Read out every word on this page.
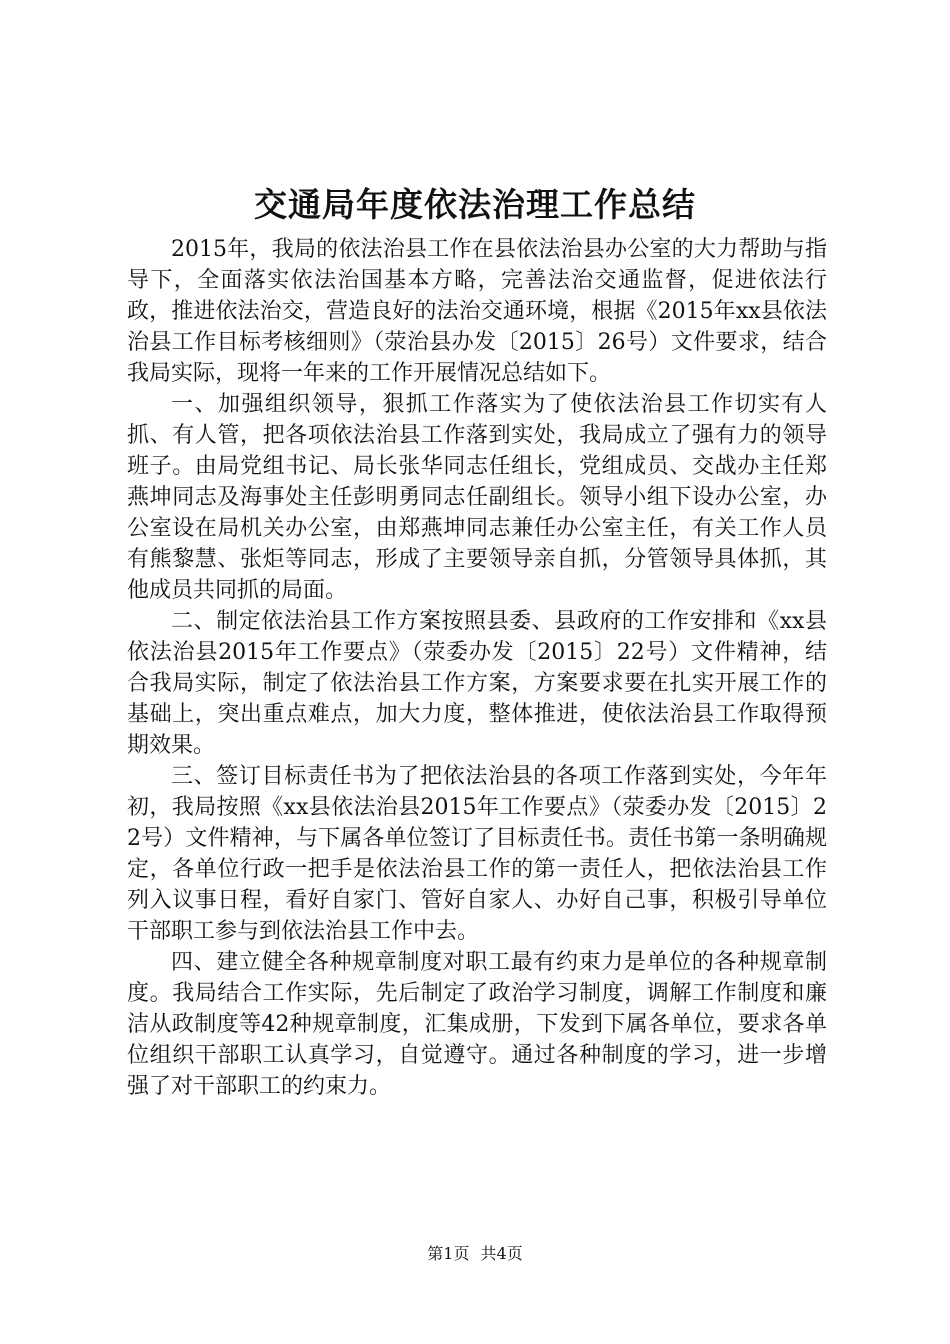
交通局年度依法治理工作总结

2015年，我局的依法治县工作在县依法治县办公室的大力帮助与指导下，全面落实依法治国基本方略，完善法治交通监督，促进依法行政，推进依法治交，营造良好的法治交通环境，根据《2015年xx县依法治县工作目标考核细则》（荥治县办发〔2015〕26号）文件要求，结合我局实际，现将一年来的工作开展情况总结如下。

一、加强组织领导，狠抓工作落实为了使依法治县工作切实有人抓、有人管，把各项依法治县工作落到实处，我局成立了强有力的领导班子。由局党组书记、局长张华同志任组长，党组成员、交战办主任郑燕坤同志及海事处主任彭明勇同志任副组长。领导小组下设办公室，办公室设在局机关办公室，由郑燕坤同志兼任办公室主任，有关工作人员有熊黎慧、张炬等同志，形成了主要领导亲自抓，分管领导具体抓，其他成员共同抓的局面。

二、制定依法治县工作方案按照县委、县政府的工作安排和《xx县依法治县2015年工作要点》（荥委办发〔2015〕22号）文件精神，结合我局实际，制定了依法治县工作方案，方案要求要在扎实开展工作的基础上，突出重点难点，加大力度，整体推进，使依法治县工作取得预期效果。

三、签订目标责任书为了把依法治县的各项工作落到实处，今年年初，我局按照《xx县依法治县2015年工作要点》（荥委办发〔2015〕22号）文件精神，与下属各单位签订了目标责任书。责任书第一条明确规定，各单位行政一把手是依法治县工作的第一责任人，把依法治县工作列入议事日程，看好自家门、管好自家人、办好自己事，积极引导单位干部职工参与到依法治县工作中去。

四、建立健全各种规章制度对职工最有约束力是单位的各种规章制度。我局结合工作实际，先后制定了政治学习制度，调解工作制度和廉洁从政制度等42种规章制度，汇集成册，下发到下属各单位，要求各单位组织干部职工认真学习，自觉遵守。通过各种制度的学习，进一步增强了对干部职工的约束力。

第1页 共4页
